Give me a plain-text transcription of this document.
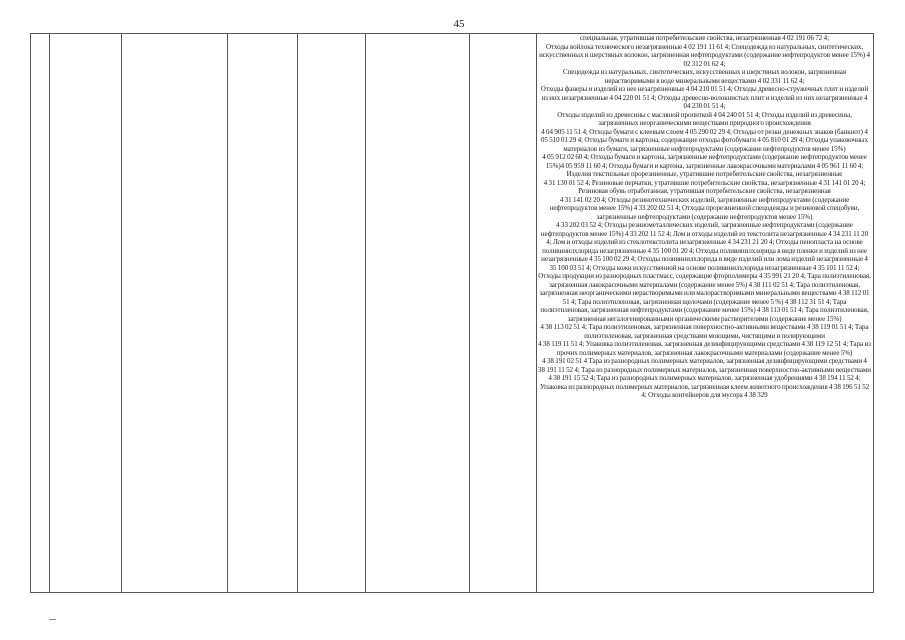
45

специальная, утратившая потребительские свойства, незагрязненная 4 02 191 06 72 4;

Отходы войлока технического незагрязненные 4 02 191 11 61 4; Спецодежда из натуральных, синтетических, искусственных и шерстяных волокон, загрязненная нефтепродуктами (содержание нефтепродуктов менее 15%) 4 02 312 01 62 4;

Спецодежда из натуральных, синтетических, искусственных и шерстяных волокон, загрязненная нерастворимыми в воде минеральными веществами 4 02 331 11 62 4;

Отходы фанеры и изделий из нее незагрязненные 4 04 210 01 51 4; Отходы древесно-стружечных плит и изделий из них незагрязненные 4 04 220 01 51 4; Отходы древесно-волокнистых плит и изделий из них незагрязненные 4 04 230 01 51 4;

Отходы изделий из древесины с масляной пропиткой 4 04 240 01 51 4; Отходы изделий из древесины, загрязненных неорганическими веществами природного происхождения

4 04 905 11 51 4; Отходы бумаги с клеевым слоем 4 05 290 02 29 4; Отходы от резки денежных знаков (банкнот) 4 05 510 01 29 4; Отходы бумаги и картона, содержащие отходы фотобумаги 4 05 810 01 29 4; Отходы упаковочных материалов из бумаги, загрязненные нефтепродуктами (содержание нефтепродуктов менее 15%)

4 05 912 02 60 4; Отходы бумаги и картона, загрязненные нефтепродуктами (содержание нефтепродуктов менее 15%)4 05 959 11 60 4; Отходы бумаги и картона, загрязненные лакокрасочными материалами 4 05 961 11 60 4; Изделия текстильные прорезиненные, утратившие потребительские свойства, незагрязненные

4 31 130 01 52 4; Резиновые перчатки, утратившие потребительские свойства, незагрязненные 4 31 141 01 20 4; Резиновая обувь отработанная, утратившая потребительские свойства, незагрязненная

4 31 141 02 20 4; Отходы резинотехнических изделий, загрязненные нефтепродуктами (содержание нефтепродуктов менее 15%) 4 33 202 02 51 4; Отходы прорезиненной спецодежды и резиновой спецобуви, загрязненные нефтепродуктами (содержание нефтепродуктов менее 15%)

4 33 202 03 52 4; Отходы резинометаллических изделий, загрязненные нефтепродуктами (содержание нефтепродуктов менее 15%) 4 33 202 11 52 4; Лом и отходы изделий из текстолита незагрязненные 4 34 231 11 20 4; Лом и отходы изделий из стеклотекстолита незагрязненные 4 34 231 21 20 4; Отходы пенопласта на основе поливинилхлорида незагрязненные 4 35 100 01 20 4; Отходы поливинилхлорида в виде пленки и изделий из нее незагрязненные 4 35 100 02 29 4; Отходы поливинилхлорида в виде изделий или лома изделий незагрязненные 4 35 100 03 51 4; Отходы кожи искусственной на основе поливинилхлорида незагрязненные 4 35 101 11 52 4; Отходы продукции из разнородных пластмасс, содержащие фторполимеры 4 35 991 21 20 4; Тара полиэтиленовая, загрязненная лакокрасочными материалами (содержание менее 5%) 4 38 111 02 51 4; Тара полиэтиленовая, загрязненная неорганическими нерастворимыми или малорастворимыми минеральными веществами 4 38 112 01 51 4; Тара полиэтиленовая, загрязненная щелочами (содержание менее 5 %) 4 38 112 31 51 4; Тара полиэтиленовая, загрязненная нефтепродуктами (содержание менее 15%) 4 38 113 01 51 4; Тара полиэтиленовая, загрязненная негалогенированными органическими растворителями (содержание менее 15%)

4 38 113 02 51 4; Тара полиэтиленовая, загрязненная поверхностно-активными веществами 4 38 119 01 51 4; Тара полиэтиленовая, загрязненная средствами моющими, чистящими и полирующими

4 38 119 11 51 4; Упаковка полиэтиленовая, загрязненная дезинфицирующими средствами 4 38 119 12 51 4; Тара из прочих полимерных материалов, загрязненная лакокрасочными материалами (содержание менее 5%)

4 38 191 02 51 4 Тара из разнородных полимерных материалов, загрязненная дезинфицирующими средствами 4 38 191 11 52 4; Тара из разнородных полимерных материалов, загрязненная поверхностно-активными веществами 4 38 191 15 52 4; Тара из разнородных полимерных материалов, загрязненная удобрениями 4 38 194 11 52 4; Упаковка из разнородных полимерных материалов, загрязненная клеем животного происхождения 4 38 196 51 52 4; Отходы контейнеров для мусора 4 38 329
